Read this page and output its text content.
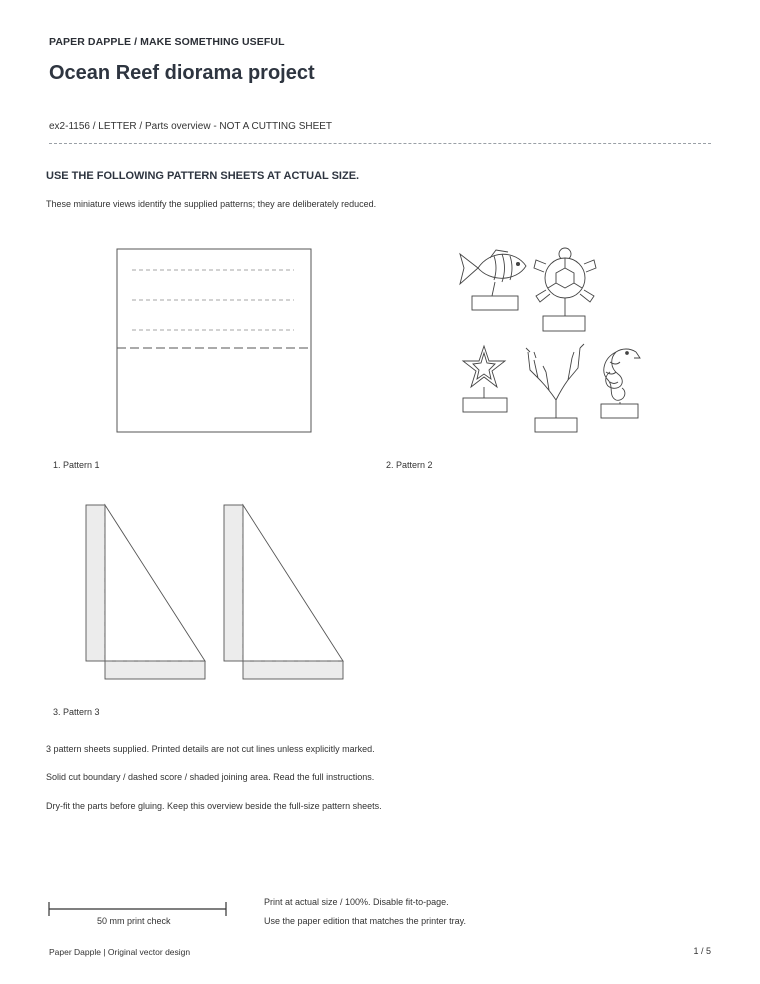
PAPER DAPPLE / MAKE SOMETHING USEFUL
Ocean Reef diorama project
ex2-1156 / LETTER / Parts overview - NOT A CUTTING SHEET
USE THE FOLLOWING PATTERN SHEETS AT ACTUAL SIZE.
These miniature views identify the supplied patterns; they are deliberately reduced.
1. Pattern 1	2. Pattern 2
3. Pattern 3
3 pattern sheets supplied. Printed details are not cut lines unless explicitly marked.
Solid cut boundary / dashed score / shaded joining area. Read the full instructions.
Dry-fit the parts before gluing. Keep this overview beside the full-size pattern sheets.
50 mm print check
Print at actual size / 100%. Disable fit-to-page.
Use the paper edition that matches the printer tray.
Paper Dapple | Original vector design	1 / 5
